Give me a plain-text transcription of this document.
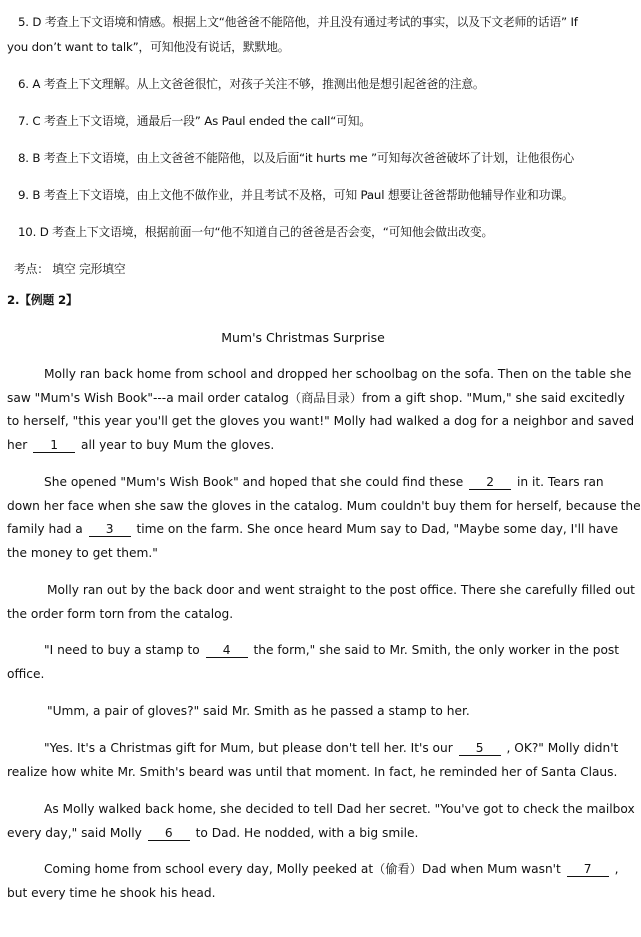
5. D 考查上下文语境和情感。根据上文“他爸爸不能陪他，并且没有通过考试的事实，以及下文老师的话语” If
you don’t want to talk”，可知他没有说话，默默地。
6. A 考查上下文理解。从上文爸爸很忙，对孩子关注不够，推测出他是想引起爸爸的注意。
7. C 考查上下文语境，通最后一段” As Paul ended the call“可知。
8. B 考查上下文语境，由上文爸爸不能陪他，以及后面“it hurts me ”可知每次爸爸破坏了计划，让他很伤心
9. B 考查上下文语境，由上文他不做作业，并且考试不及格，可知 Paul 想要让爸爸帮助他辅导作业和功课。
10. D 考查上下文语境，根据前面一句“他不知道自己的爸爸是否会变，“可知他会做出改变。
考点： 填空 完形填空
2.【例题 2】
Mum's Christmas Surprise
Molly ran back home from school and dropped her schoolbag on the sofa. Then on the table she
saw "Mum's Wish Book"---a mail order catalog（商品目录）from a gift shop. "Mum," she said excitedly
to herself, "this year you'll get the gloves you want!" Molly had walked a dog for a neighbor and saved
her 1 all year to buy Mum the gloves.
She opened "Mum's Wish Book" and hoped that she could find these 2 in it. Tears ran
down her face when she saw the gloves in the catalog. Mum couldn't buy them for herself, because the
family had a 3 time on the farm. She once heard Mum say to Dad, "Maybe some day, I'll have
the money to get them."
Molly ran out by the back door and went straight to the post office. There she carefully filled out
the order form torn from the catalog.
"I need to buy a stamp to 4 the form," she said to Mr. Smith, the only worker in the post
office.
"Umm, a pair of gloves?" said Mr. Smith as he passed a stamp to her.
"Yes. It's a Christmas gift for Mum, but please don't tell her. It's our 5 , OK?" Molly didn't
realize how white Mr. Smith's beard was until that moment. In fact, he reminded her of Santa Claus.
As Molly walked back home, she decided to tell Dad her secret. "You've got to check the mailbox
every day," said Molly 6 to Dad. He nodded, with a big smile.
Coming home from school every day, Molly peeked at（偷看）Dad when Mum wasn't 7 ,
but every time he shook his head.
